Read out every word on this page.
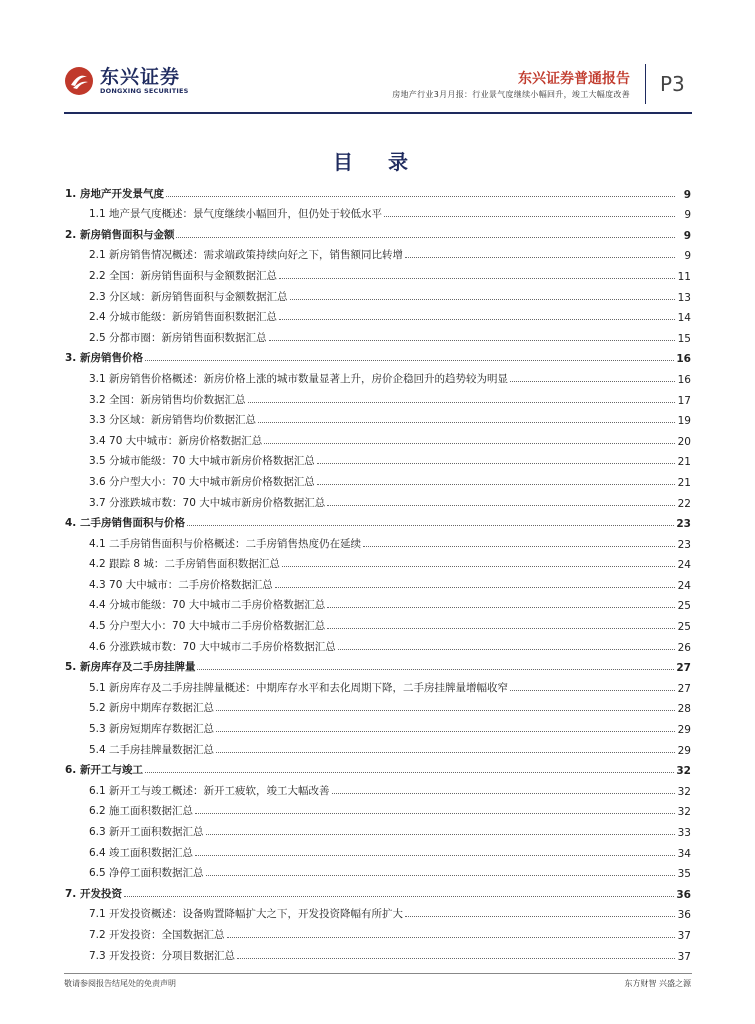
东兴证券
DONGXING SECURITIES
东兴证券普通报告
房地产行业3月月报：行业景气度继续小幅回升，竣工大幅度改善 P3
目 录
1. 房地产开发景气度	9
1.1 地产景气度概述：景气度继续小幅回升，但仍处于较低水平	9
2. 新房销售面积与金额	9
2.1 新房销售情况概述：需求端政策持续向好之下，销售额同比转增	9
2.2 全国：新房销售面积与金额数据汇总	11
2.3 分区域：新房销售面积与金额数据汇总	13
2.4 分城市能级：新房销售面积数据汇总	14
2.5 分都市圈：新房销售面积数据汇总	15
3. 新房销售价格	16
3.1 新房销售价格概述：新房价格上涨的城市数量显著上升，房价企稳回升的趋势较为明显	16
3.2 全国：新房销售均价数据汇总	17
3.3 分区域：新房销售均价数据汇总	19
3.4 70 大中城市：新房价格数据汇总	20
3.5 分城市能级：70 大中城市新房价格数据汇总	21
3.6 分户型大小：70 大中城市新房价格数据汇总	21
3.7 分涨跌城市数：70 大中城市新房价格数据汇总	22
4. 二手房销售面积与价格	23
4.1 二手房销售面积与价格概述：二手房销售热度仍在延续	23
4.2 跟踪 8 城：二手房销售面积数据汇总	24
4.3 70 大中城市：二手房价格数据汇总	24
4.4 分城市能级：70 大中城市二手房价格数据汇总	25
4.5 分户型大小：70 大中城市二手房价格数据汇总	25
4.6 分涨跌城市数：70 大中城市二手房价格数据汇总	26
5. 新房库存及二手房挂牌量	27
5.1 新房库存及二手房挂牌量概述：中期库存水平和去化周期下降，二手房挂牌量增幅收窄	27
5.2 新房中期库存数据汇总	28
5.3 新房短期库存数据汇总	29
5.4 二手房挂牌量数据汇总	29
6. 新开工与竣工	32
6.1 新开工与竣工概述：新开工疲软，竣工大幅改善	32
6.2 施工面积数据汇总	32
6.3 新开工面积数据汇总	33
6.4 竣工面积数据汇总	34
6.5 净停工面积数据汇总	35
7. 开发投资	36
7.1 开发投资概述：设备购置降幅扩大之下，开发投资降幅有所扩大	36
7.2 开发投资：全国数据汇总	37
7.3 开发投资：分项目数据汇总	37
敬请参阅报告结尾处的免责声明	东方财智 兴盛之源
